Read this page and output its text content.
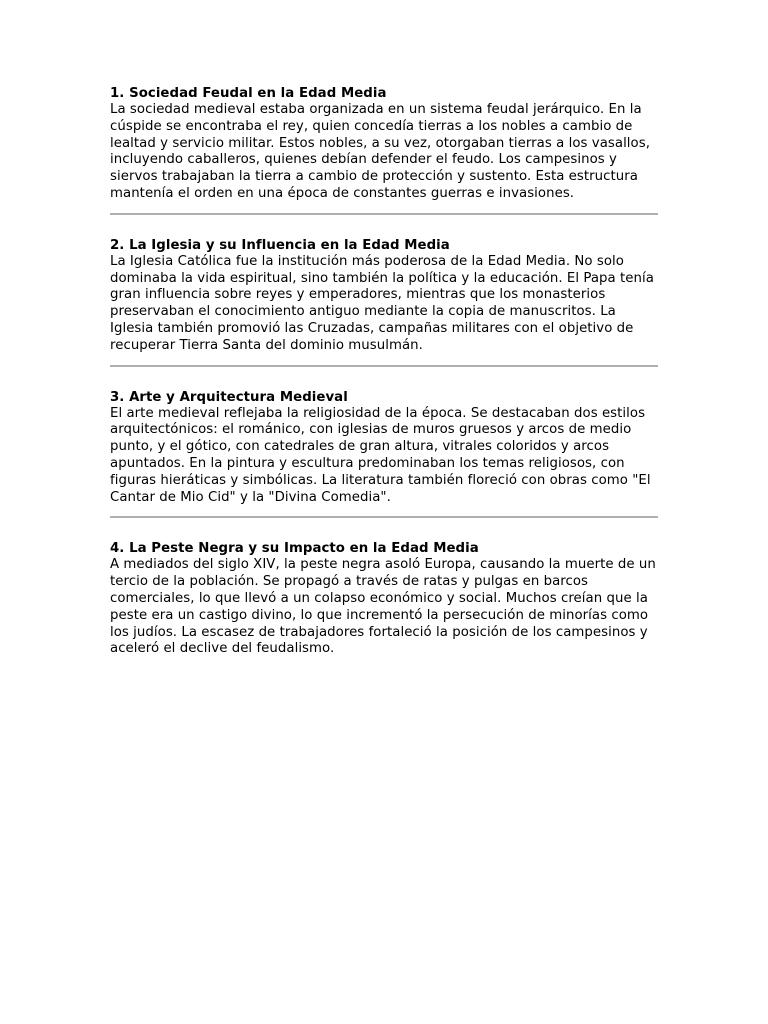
1. Sociedad Feudal en la Edad Media

La sociedad medieval estaba organizada en un sistema feudal jerárquico. En la cúspide se encontraba el rey, quien concedía tierras a los nobles a cambio de lealtad y servicio militar. Estos nobles, a su vez, otorgaban tierras a los vasallos, incluyendo caballeros, quienes debían defender el feudo. Los campesinos y siervos trabajaban la tierra a cambio de protección y sustento. Esta estructura mantenía el orden en una época de constantes guerras e invasiones.

2. La Iglesia y su Influencia en la Edad Media

La Iglesia Católica fue la institución más poderosa de la Edad Media. No solo dominaba la vida espiritual, sino también la política y la educación. El Papa tenía gran influencia sobre reyes y emperadores, mientras que los monasterios preservaban el conocimiento antiguo mediante la copia de manuscritos. La Iglesia también promovió las Cruzadas, campañas militares con el objetivo de recuperar Tierra Santa del dominio musulmán.

3. Arte y Arquitectura Medieval

El arte medieval reflejaba la religiosidad de la época. Se destacaban dos estilos arquitectónicos: el románico, con iglesias de muros gruesos y arcos de medio punto, y el gótico, con catedrales de gran altura, vitrales coloridos y arcos apuntados. En la pintura y escultura predominaban los temas religiosos, con figuras hieráticas y simbólicas. La literatura también floreció con obras como "El Cantar de Mio Cid" y la "Divina Comedia".

4. La Peste Negra y su Impacto en la Edad Media

A mediados del siglo XIV, la peste negra asoló Europa, causando la muerte de un tercio de la población. Se propagó a través de ratas y pulgas en barcos comerciales, lo que llevó a un colapso económico y social. Muchos creían que la peste era un castigo divino, lo que incrementó la persecución de minorías como los judíos. La escasez de trabajadores fortaleció la posición de los campesinos y aceleró el declive del feudalismo.
